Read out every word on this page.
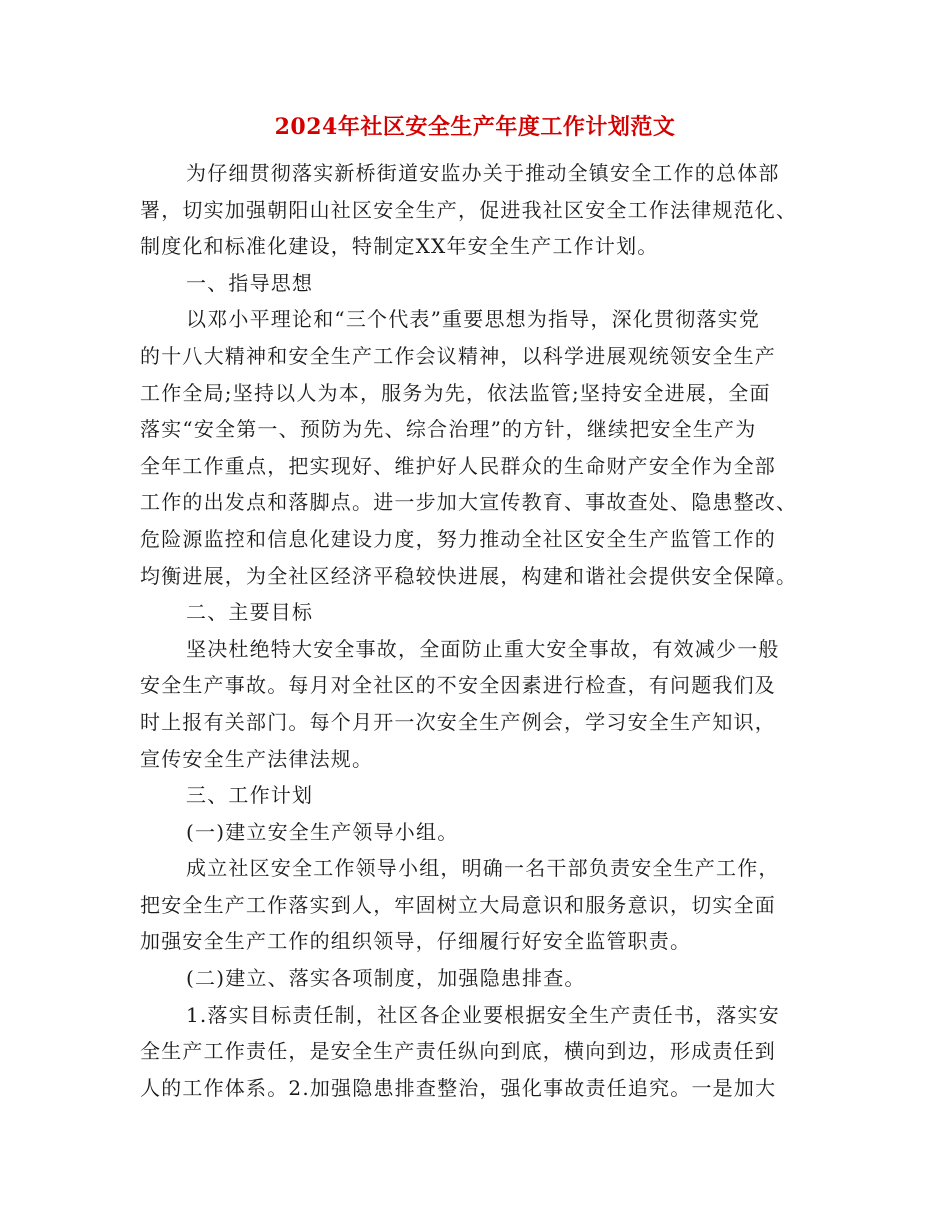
2024年社区安全生产年度工作计划范文
为仔细贯彻落实新桥街道安监办关于推动全镇安全工作的总体部
署，切实加强朝阳山社区安全生产，促进我社区安全工作法律规范化、
制度化和标准化建设，特制定XX年安全生产工作计划。
一、指导思想
以邓小平理论和“三个代表”重要思想为指导，深化贯彻落实党
的十八大精神和安全生产工作会议精神，以科学进展观统领安全生产
工作全局;坚持以人为本，服务为先，依法监管;坚持安全进展，全面
落实“安全第一、预防为先、综合治理”的方针，继续把安全生产为
全年工作重点，把实现好、维护好人民群众的生命财产安全作为全部
工作的出发点和落脚点。进一步加大宣传教育、事故查处、隐患整改、
危险源监控和信息化建设力度，努力推动全社区安全生产监管工作的
均衡进展，为全社区经济平稳较快进展，构建和谐社会提供安全保障。
二、主要目标
坚决杜绝特大安全事故，全面防止重大安全事故，有效减少一般
安全生产事故。每月对全社区的不安全因素进行检查，有问题我们及
时上报有关部门。每个月开一次安全生产例会，学习安全生产知识，
宣传安全生产法律法规。
三、工作计划
(一)建立安全生产领导小组。
成立社区安全工作领导小组，明确一名干部负责安全生产工作，
把安全生产工作落实到人，牢固树立大局意识和服务意识，切实全面
加强安全生产工作的组织领导，仔细履行好安全监管职责。
(二)建立、落实各项制度，加强隐患排查。
1.落实目标责任制，社区各企业要根据安全生产责任书，落实安
全生产工作责任，是安全生产责任纵向到底，横向到边，形成责任到
人的工作体系。2.加强隐患排查整治，强化事故责任追究。一是加大
